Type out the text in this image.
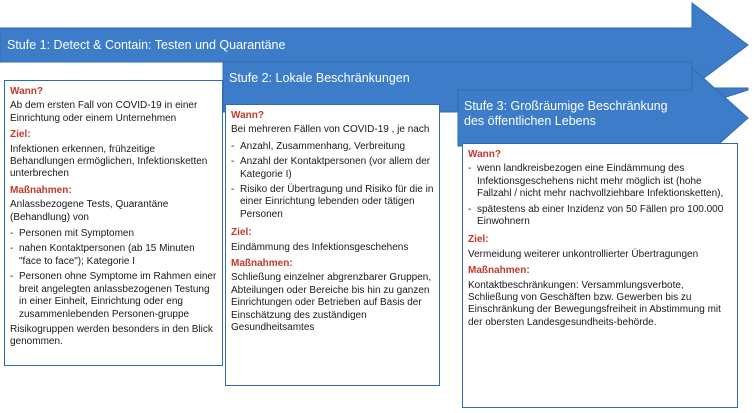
Stufe 1: Detect & Contain: Testen und Quarantäne
Stufe 2: Lokale Beschränkungen
Stufe 3: Großräumige Beschränkung des öffentlichen Lebens
Wann?
Ab dem ersten Fall von COVID-19 in einer Einrichtung oder einem Unternehmen
Ziel:
Infektionen erkennen, frühzeitige Behandlungen ermöglichen, Infektionsketten unterbrechen
Maßnahmen:
Anlassbezogene Tests, Quarantäne (Behandlung) von
- Personen mit Symptomen
- nahen Kontaktpersonen (ab 15 Minuten "face to face"); Kategorie I
- Personen ohne Symptome im Rahmen einer breit angelegten anlassbezogenen Testung in einer Einheit, Einrichtung oder eng zusammenlebenden Personen-gruppe
Risikogruppen werden besonders in den Blick genommen.
Wann?
Bei mehreren Fällen von COVID-19 , je nach
- Anzahl, Zusammenhang, Verbreitung
- Anzahl der Kontaktpersonen (vor allem der Kategorie I)
- Risiko der Übertragung und Risiko für die in einer Einrichtung lebenden oder tätigen Personen
Ziel:
Eindämmung des Infektionsgeschehens
Maßnahmen:
Schließung einzelner abgrenzbarer Gruppen, Abteilungen oder Bereiche bis hin zu ganzen Einrichtungen oder Betrieben auf Basis der Einschätzung des zuständigen Gesundheitsamtes
Wann?
- wenn landkreisbezogen eine Eindämmung des Infektionsgeschehens nicht mehr möglich ist (hohe Fallzahl / nicht mehr nachvollziehbare Infektionsketten),
- spätestens ab einer Inzidenz von 50 Fällen pro 100.000 Einwohnern
Ziel:
Vermeidung weiterer unkontrollierter Übertragungen
Maßnahmen:
Kontaktbeschränkungen: Versammlungsverbote, Schließung von Geschäften bzw. Gewerben bis zu Einschränkung der Bewegungsfreiheit in Abstimmung mit der obersten Landesgesundheits-behörde.
